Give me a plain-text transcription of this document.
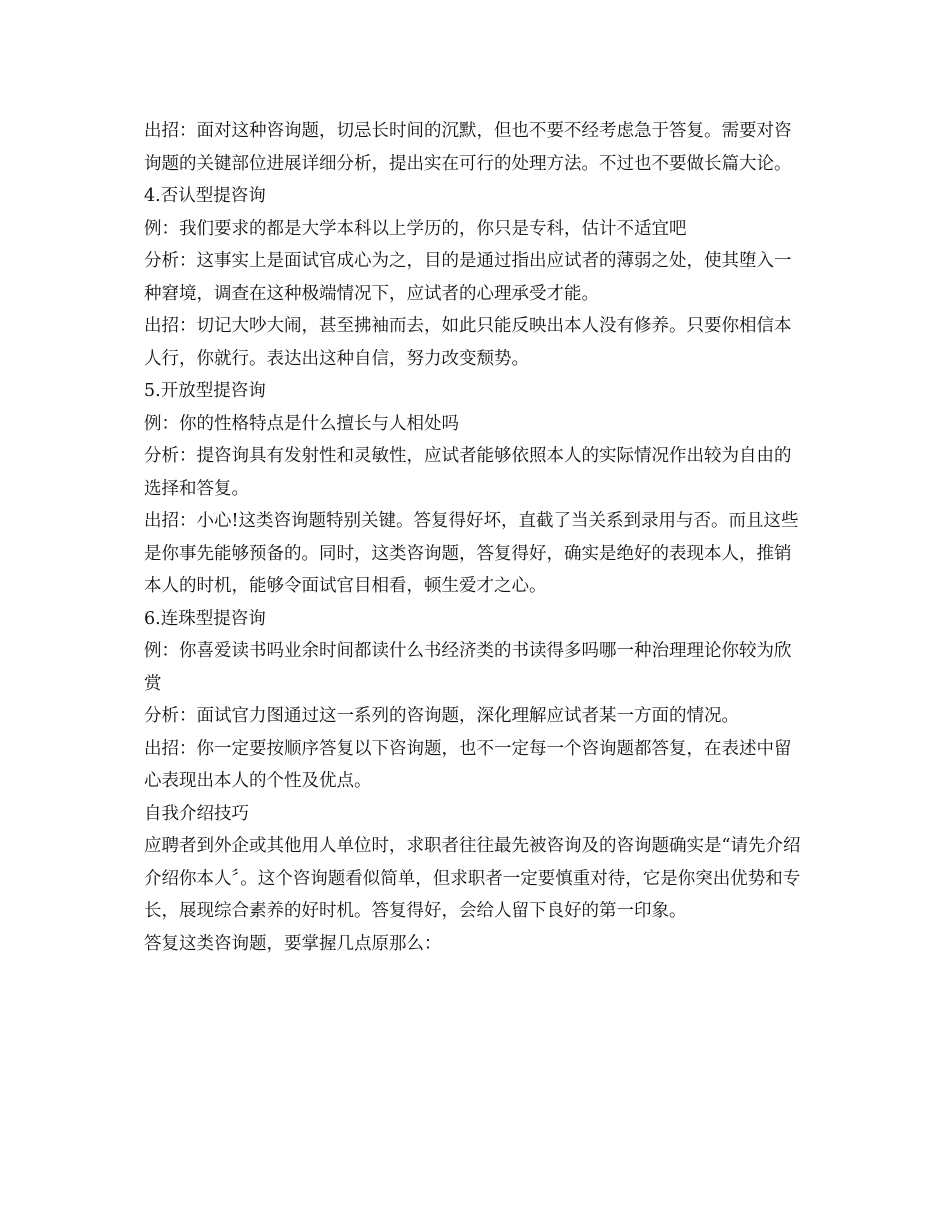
出招：面对这种咨询题，切忌长时间的沉默，但也不要不经考虑急于答复。需要对咨询题的关键部位进展详细分析，提出实在可行的处理方法。不过也不要做长篇大论。

4.否认型提咨询

例：我们要求的都是大学本科以上学历的，你只是专科，估计不适宜吧

分析：这事实上是面试官成心为之，目的是通过指出应试者的薄弱之处，使其堕入一种窘境，调查在这种极端情况下，应试者的心理承受才能。

出招：切记大吵大闹，甚至拂袖而去，如此只能反映出本人没有修养。只要你相信本人行，你就行。表达出这种自信，努力改变颓势。

5.开放型提咨询

例：你的性格特点是什么擅长与人相处吗

分析：提咨询具有发射性和灵敏性，应试者能够依照本人的实际情况作出较为自由的选择和答复。

出招：小心!这类咨询题特别关键。答复得好坏，直截了当关系到录用与否。而且这些是你事先能够预备的。同时，这类咨询题，答复得好，确实是绝好的表现本人，推销本人的时机，能够令面试官目相看，顿生爱才之心。

6.连珠型提咨询

例：你喜爱读书吗业余时间都读什么书经济类的书读得多吗哪一种治理理论你较为欣赏

分析：面试官力图通过这一系列的咨询题，深化理解应试者某一方面的情况。

出招：你一定要按顺序答复以下咨询题，也不一定每一个咨询题都答复，在表述中留心表现出本人的个性及优点。

自我介绍技巧

应聘者到外企或其他用人单位时，求职者往往最先被咨询及的咨询题确实是“请先介绍介绍你本人〞。这个咨询题看似简单，但求职者一定要慎重对待，它是你突出优势和专长，展现综合素养的好时机。答复得好，会给人留下良好的第一印象。

答复这类咨询题，要掌握几点原那么：
